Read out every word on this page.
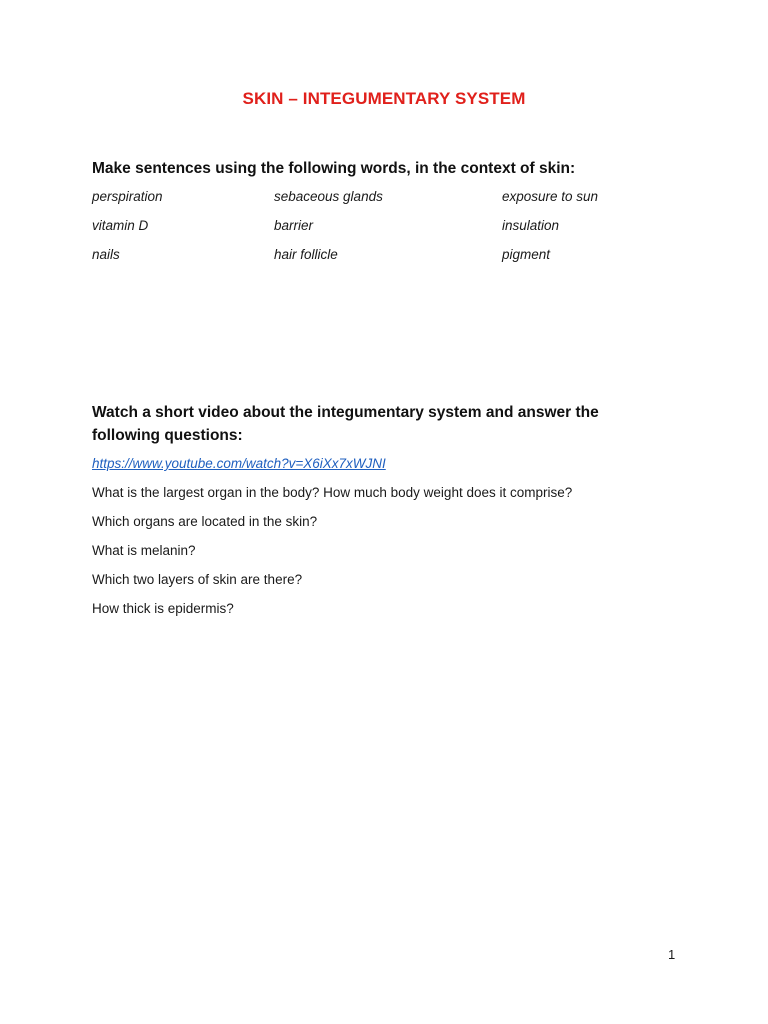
SKIN – INTEGUMENTARY SYSTEM
Make sentences using the following words, in the context of skin:
perspiration	sebaceous glands	exposure to sun
vitamin D	barrier	insulation
nails	hair follicle	pigment
Watch a short video about the integumentary system and answer the following questions:
https://www.youtube.com/watch?v=X6iXx7xWJNI
What is the largest organ in the body? How much body weight does it comprise?
Which organs are located in the skin?
What is melanin?
Which two layers of skin are there?
How thick is epidermis?
1
